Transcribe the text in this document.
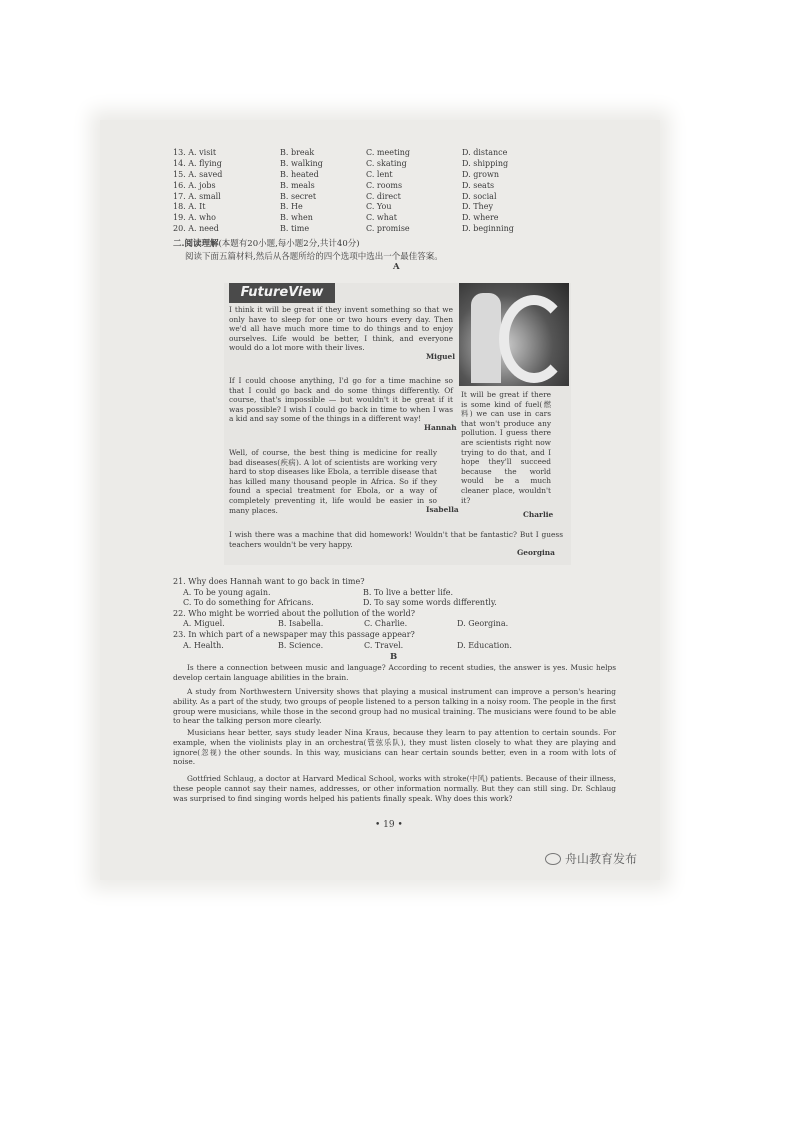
13. A. visit	B. break	C. meeting	D. distance
14. A. flying	B. walking	C. skating	D. shipping
15. A. saved	B. heated	C. lent	D. grown
16. A. jobs	B. meals	C. rooms	D. seats
17. A. small	B. secret	C. direct	D. social
18. A. It	B. He	C. You	D. They
19. A. who	B. when	C. what	D. where
20. A. need	B. time	C. promise	D. beginning
二.阅读理解(本题有20小题,每小题2分,共计40分)
阅读下面五篇材料,然后从各题所给的四个选项中选出一个最佳答案。
A
FutureView
I think it will be great if they invent something so that we only have to sleep for one or two hours every day. Then we'd all have much more time to do things and to enjoy ourselves. Life would be better, I think, and everyone would do a lot more with their lives.
Miguel
If I could choose anything, I'd go for a time machine so that I could go back and do some things differently. Of course, that's impossible — but wouldn't it be great if it was possible? I wish I could go back in time to when I was a kid and say some of the things in a different way!
Hannah
Well, of course, the best thing is medicine for really bad diseases(疾病). A lot of scientists are working very hard to stop diseases like Ebola, a terrible disease that has killed many thousand people in Africa. So if they found a special treatment for Ebola, or a way of completely preventing it, life would be easier in so many places.	Isabella
It will be great if there is some kind of fuel(燃料) we can use in cars that won't produce any pollution. I guess there are scientists right now trying to do that, and I hope they'll succeed because the world would be a much cleaner place, wouldn't it?
Charlie
I wish there was a machine that did homework! Wouldn't that be fantastic? But I guess teachers wouldn't be very happy.
Georgina
21. Why does Hannah want to go back in time?
A. To be young again.	B. To live a better life.
C. To do something for Africans.	D. To say some words differently.
22. Who might be worried about the pollution of the world?
A. Miguel.	B. Isabella.	C. Charlie.	D. Georgina.
23. In which part of a newspaper may this passage appear?
A. Health.	B. Science.	C. Travel.	D. Education.
B
Is there a connection between music and language? According to recent studies, the answer is yes. Music helps develop certain language abilities in the brain.
A study from Northwestern University shows that playing a musical instrument can improve a person's hearing ability. As a part of the study, two groups of people listened to a person talking in a noisy room. The people in the first group were musicians, while those in the second group had no musical training. The musicians were found to be able to hear the talking person more clearly.
Musicians hear better, says study leader Nina Kraus, because they learn to pay attention to certain sounds. For example, when the violinists play in an orchestra(管弦乐队), they must listen closely to what they are playing and ignore(忽视) the other sounds. In this way, musicians can hear certain sounds better, even in a room with lots of noise.
Gottfried Schlaug, a doctor at Harvard Medical School, works with stroke(中风) patients. Because of their illness, these people cannot say their names, addresses, or other information normally. But they can still sing. Dr. Schlaug was surprised to find singing words helped his patients finally speak. Why does this work?
• 19 •
舟山教育发布
